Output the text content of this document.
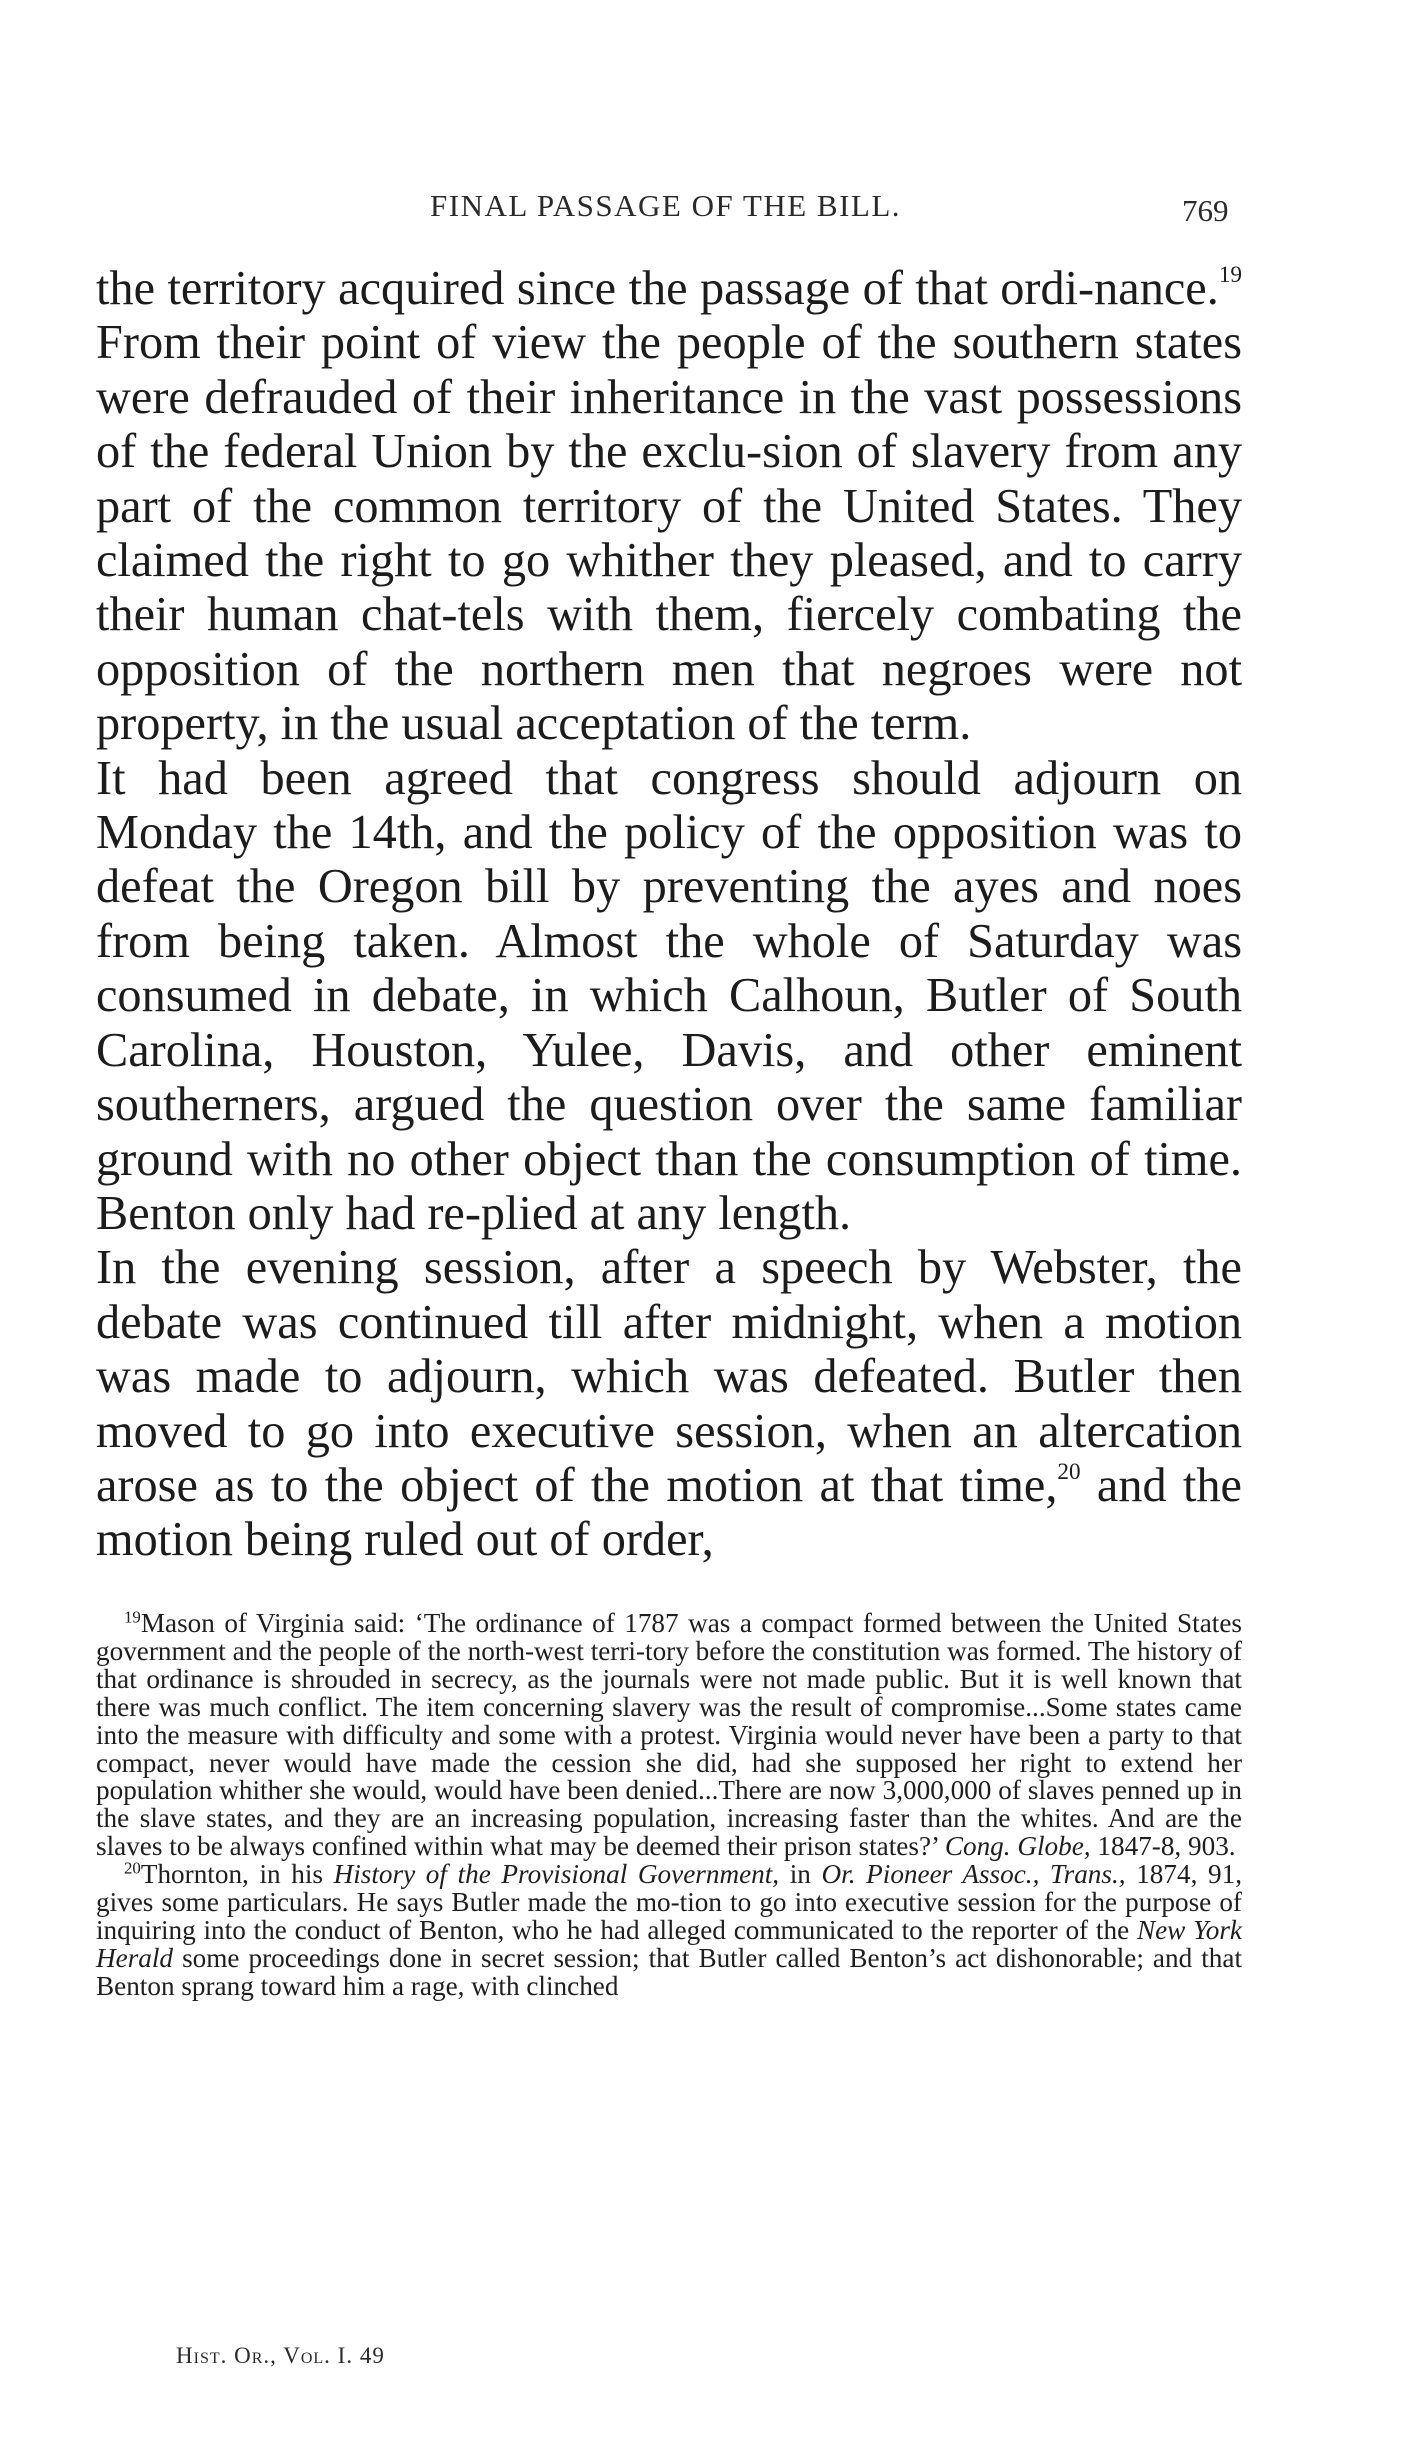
FINAL PASSAGE OF THE BILL.	769

the territory acquired since the passage of that ordi-nance.$^{19}$ From their point of view the people of the southern states were defrauded of their inheritance in the vast possessions of the federal Union by the exclu-sion of slavery from any part of the common territory of the United States. They claimed the right to go whither they pleased, and to carry their human chat-tels with them, fiercely combating the opposition of the northern men that negroes were not property, in the usual acceptation of the term.

It had been agreed that congress should adjourn on Monday the 14th, and the policy of the opposition was to defeat the Oregon bill by preventing the ayes and noes from being taken. Almost the whole of Saturday was consumed in debate, in which Calhoun, Butler of South Carolina, Houston, Yulee, Davis, and other eminent southerners, argued the question over the same familiar ground with no other object than the consumption of time. Benton only had re-plied at any length.

In the evening session, after a speech by Webster, the debate was continued till after midnight, when a motion was made to adjourn, which was defeated. Butler then moved to go into executive session, when an altercation arose as to the object of the motion at that time,$^{20}$ and the motion being ruled out of order,

$^{19}$Mason of Virginia said: ‘The ordinance of 1787 was a compact formed between the United States government and the people of the north-west terri-tory before the constitution was formed. The history of that ordinance is shrouded in secrecy, as the journals were not made public. But it is well known that there was much conflict. The item concerning slavery was the result of compromise...Some states came into the measure with difficulty and some with a protest. Virginia would never have been a party to that compact, never would have made the cession she did, had she supposed her right to extend her population whither she would, would have been denied...There are now 3,000,000 of slaves penned up in the slave states, and they are an increasing population, increasing faster than the whites. And are the slaves to be always confined within what may be deemed their prison states?’ Cong. Globe, 1847-8, 903.

$^{20}$Thornton, in his History of the Provisional Government, in Or. Pioneer Assoc., Trans., 1874, 91, gives some particulars. He says Butler made the mo-tion to go into executive session for the purpose of inquiring into the conduct of Benton, who he had alleged communicated to the reporter of the New York Herald some proceedings done in secret session; that Butler called Benton’s act dishonorable; and that Benton sprang toward him a rage, with clinched

Hist. Or., Vol. I. 49
